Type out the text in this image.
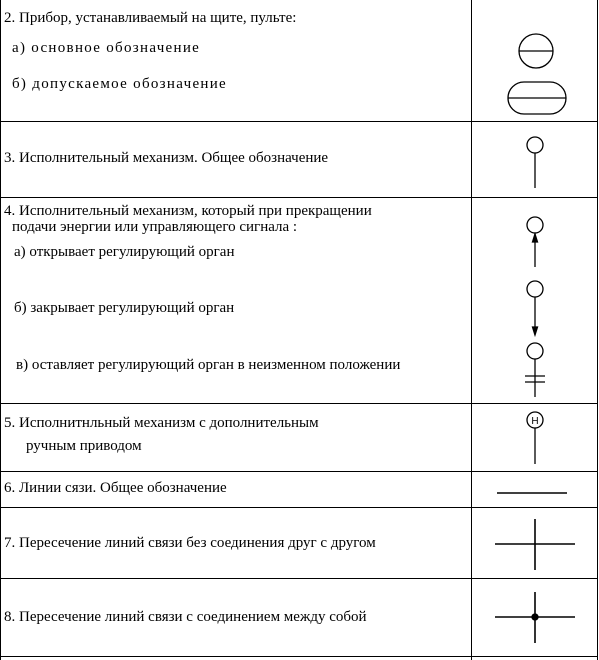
2. Прибор, устанавливаемый на щите, пульте:
а) основное обозначение
б) допускаемое обозначение
3. Исполнительный механизм. Общее обозначение
4. Исполнительный механизм, который при прекращении
подачи энергии или управляющего сигнала :
а) открывает регулирующий орган
б) закрывает регулирующий орган
в) оставляет регулирующий орган в неизменном положении
5. Исполнитнльный механизм с дополнительным
ручным приводом
Н
6. Линии сязи. Общее обозначение
7. Пересечение линий связи без соединения друг с другом
8. Пересечение линий связи с соединением между собой
